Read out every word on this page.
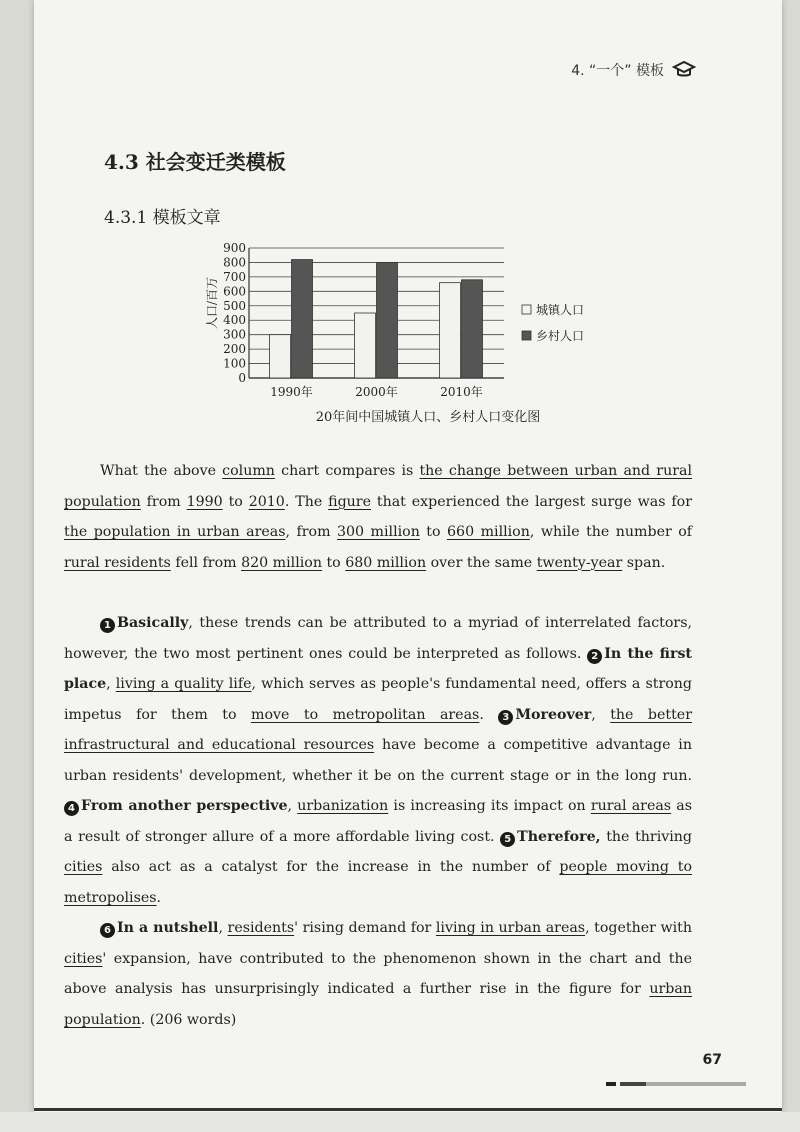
4. “一个” 模板
4.3 社会变迁类模板
4.3.1 模板文章
0
100
200
300
400
500
600
700
800
900
1990年	2000年	2010年
人口/百万	城镇人口
乡村人口
20年间中国城镇人口、乡村人口变化图
What the above column chart compares is the change between urban and rural population from 1990 to 2010. The figure that experienced the largest surge was for the population in urban areas, from 300 million to 660 million, while the number of rural residents fell from 820 million to 680 million over the same twenty-year span.
1 Basically, these trends can be attributed to a myriad of interrelated factors, however, the two most pertinent ones could be interpreted as follows. 2 In the first place, living a quality life, which serves as people's fundamental need, offers a strong impetus for them to move to metropolitan areas. 3 Moreover, the better infrastructural and educational resources have become a competitive advantage in urban residents' development, whether it be on the current stage or in the long run. 4 From another perspective, urbanization is increasing its impact on rural areas as a result of stronger allure of a more affordable living cost. 5 Therefore, the thriving cities also act as a catalyst for the increase in the number of people moving to metropolises.
6 In a nutshell, residents' rising demand for living in urban areas, together with cities' expansion, have contributed to the phenomenon shown in the chart and the above analysis has unsurprisingly indicated a further rise in the figure for urban population. (206 words)
67
